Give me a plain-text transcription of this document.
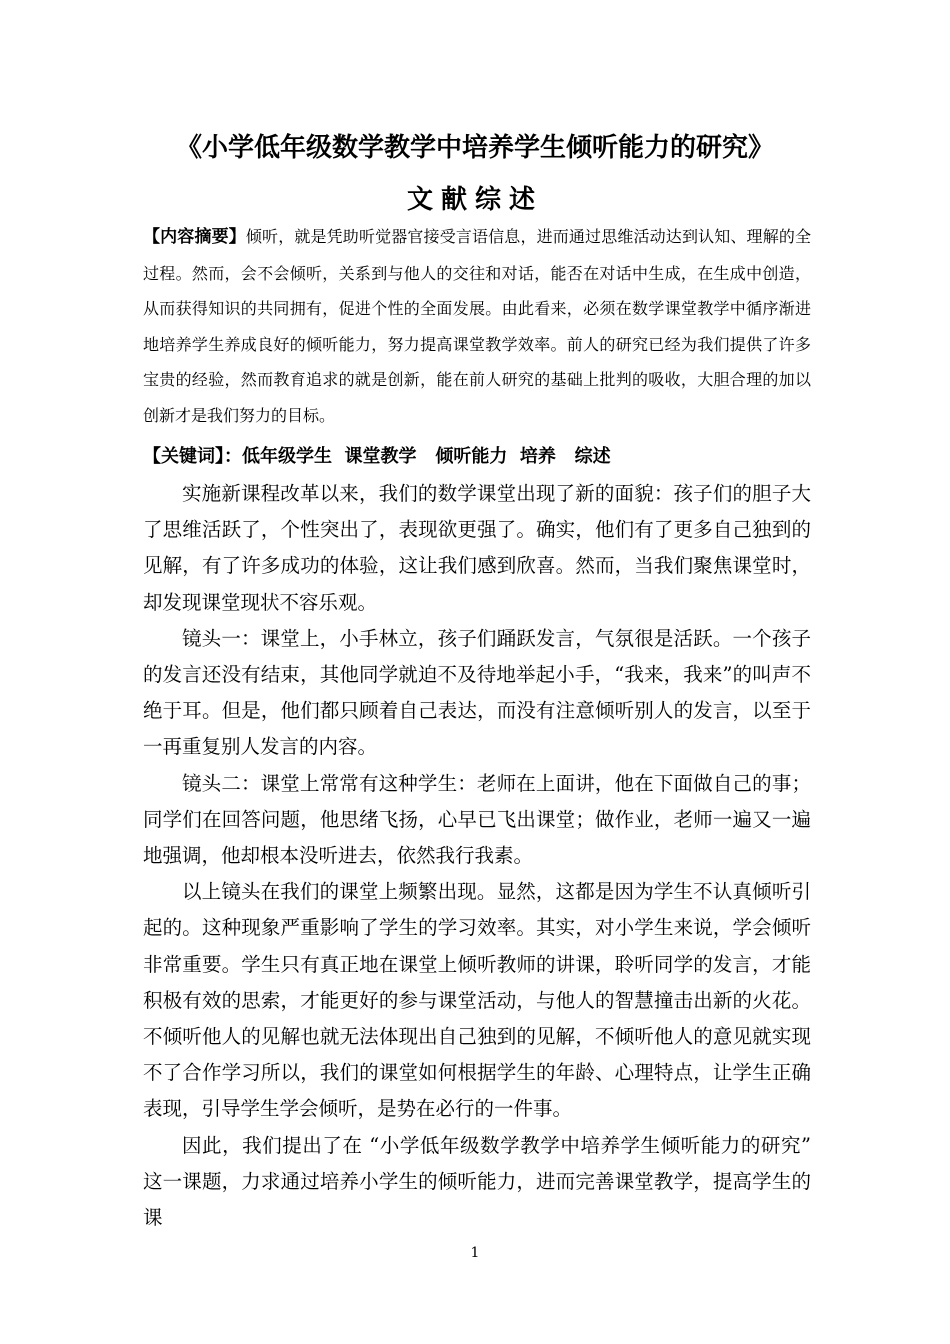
《小学低年级数学教学中培养学生倾听能力的研究》
文献综述
【内容摘要】倾听，就是凭助听觉器官接受言语信息，进而通过思维活动达到认知、理解的全过程。然而，会不会倾听，关系到与他人的交往和对话，能否在对话中生成，在生成中创造，从而获得知识的共同拥有，促进个性的全面发展。由此看来，必须在数学课堂教学中循序渐进地培养学生养成良好的倾听能力，努力提高课堂教学效率。前人的研究已经为我们提供了许多宝贵的经验，然而教育追求的就是创新，能在前人研究的基础上批判的吸收，大胆合理的加以创新才是我们努力的目标。
【关键词】：低年级学生  课堂教学   倾听能力  培养   综述

实施新课程改革以来，我们的数学课堂出现了新的面貌：孩子们的胆子大了思维活跃了，个性突出了，表现欲更强了。确实，他们有了更多自己独到的见解，有了许多成功的体验，这让我们感到欣喜。然而，当我们聚焦课堂时，却发现课堂现状不容乐观。

镜头一：课堂上，小手林立，孩子们踊跃发言，气氛很是活跃。一个孩子的发言还没有结束，其他同学就迫不及待地举起小手，“我来，我来”的叫声不绝于耳。但是，他们都只顾着自己表达，而没有注意倾听别人的发言，以至于一再重复别人发言的内容。

镜头二：课堂上常常有这种学生：老师在上面讲，他在下面做自己的事；同学们在回答问题，他思绪飞扬，心早已飞出课堂；做作业，老师一遍又一遍地强调，他却根本没听进去，依然我行我素。

以上镜头在我们的课堂上频繁出现。显然，这都是因为学生不认真倾听引起的。这种现象严重影响了学生的学习效率。其实，对小学生来说，学会倾听非常重要。学生只有真正地在课堂上倾听教师的讲课，聆听同学的发言，才能积极有效的思索，才能更好的参与课堂活动，与他人的智慧撞击出新的火花。不倾听他人的见解也就无法体现出自己独到的见解，不倾听他人的意见就实现不了合作学习所以，我们的课堂如何根据学生的年龄、心理特点，让学生正确表现，引导学生学会倾听，是势在必行的一件事。

因此，我们提出了在 “小学低年级数学教学中培养学生倾听能力的研究” 这一课题，力求通过培养小学生的倾听能力，进而完善课堂教学，提高学生的课

1
